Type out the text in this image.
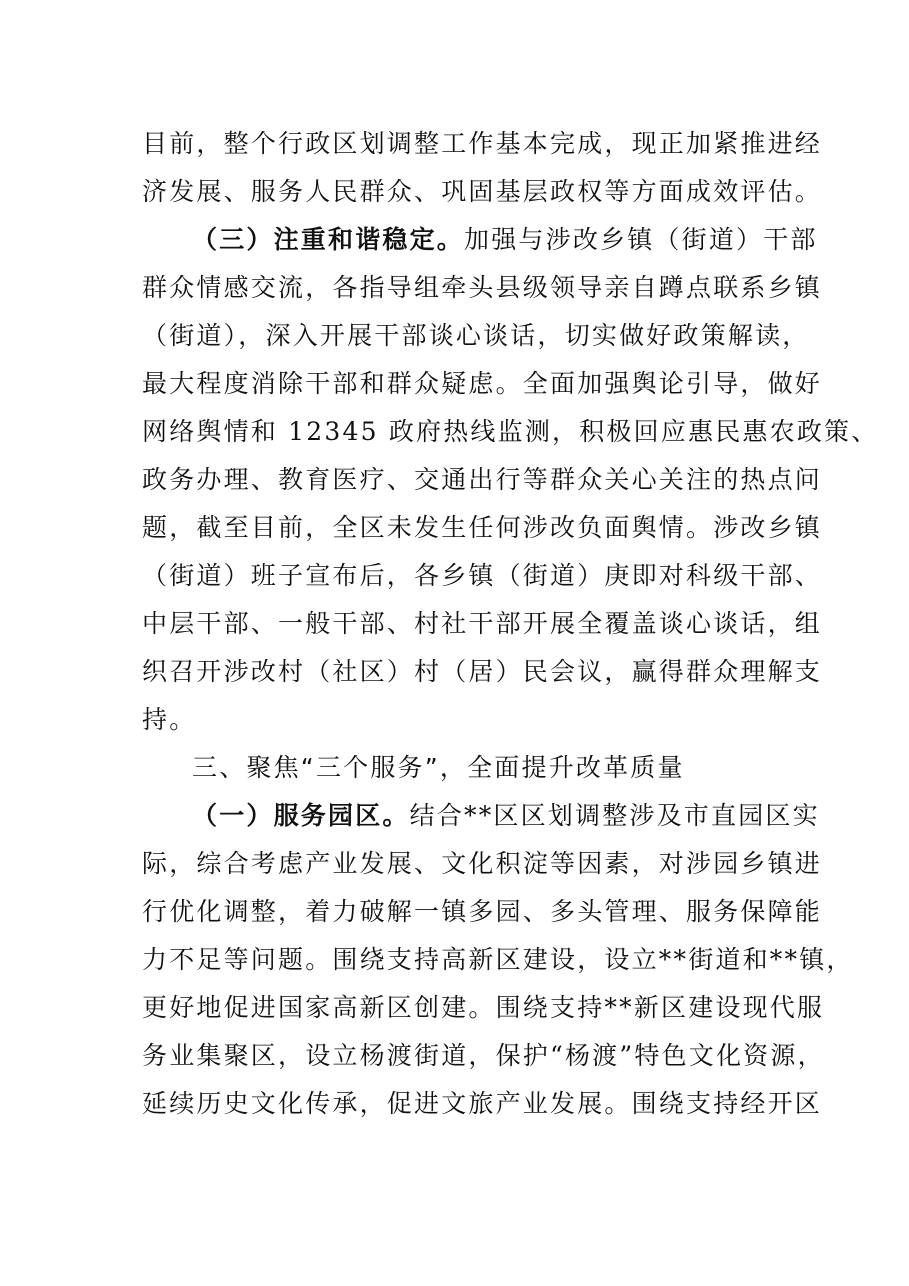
目前，整个行政区划调整工作基本完成，现正加紧推进经
济发展、服务人民群众、巩固基层政权等方面成效评估。
（三）注重和谐稳定。加强与涉改乡镇（街道）干部
群众情感交流，各指导组牵头县级领导亲自蹲点联系乡镇
（街道），深入开展干部谈心谈话，切实做好政策解读，
最大程度消除干部和群众疑虑。全面加强舆论引导，做好
网络舆情和 12345 政府热线监测，积极回应惠民惠农政策、
政务办理、教育医疗、交通出行等群众关心关注的热点问
题，截至目前，全区未发生任何涉改负面舆情。涉改乡镇
（街道）班子宣布后，各乡镇（街道）庚即对科级干部、
中层干部、一般干部、村社干部开展全覆盖谈心谈话，组
织召开涉改村（社区）村（居）民会议，赢得群众理解支
持。
三、聚焦“三个服务”，全面提升改革质量
（一）服务园区。结合**区区划调整涉及市直园区实
际，综合考虑产业发展、文化积淀等因素，对涉园乡镇进
行优化调整，着力破解一镇多园、多头管理、服务保障能
力不足等问题。围绕支持高新区建设，设立**街道和**镇，
更好地促进国家高新区创建。围绕支持**新区建设现代服
务业集聚区，设立杨渡街道，保护“杨渡”特色文化资源，
延续历史文化传承，促进文旅产业发展。围绕支持经开区
